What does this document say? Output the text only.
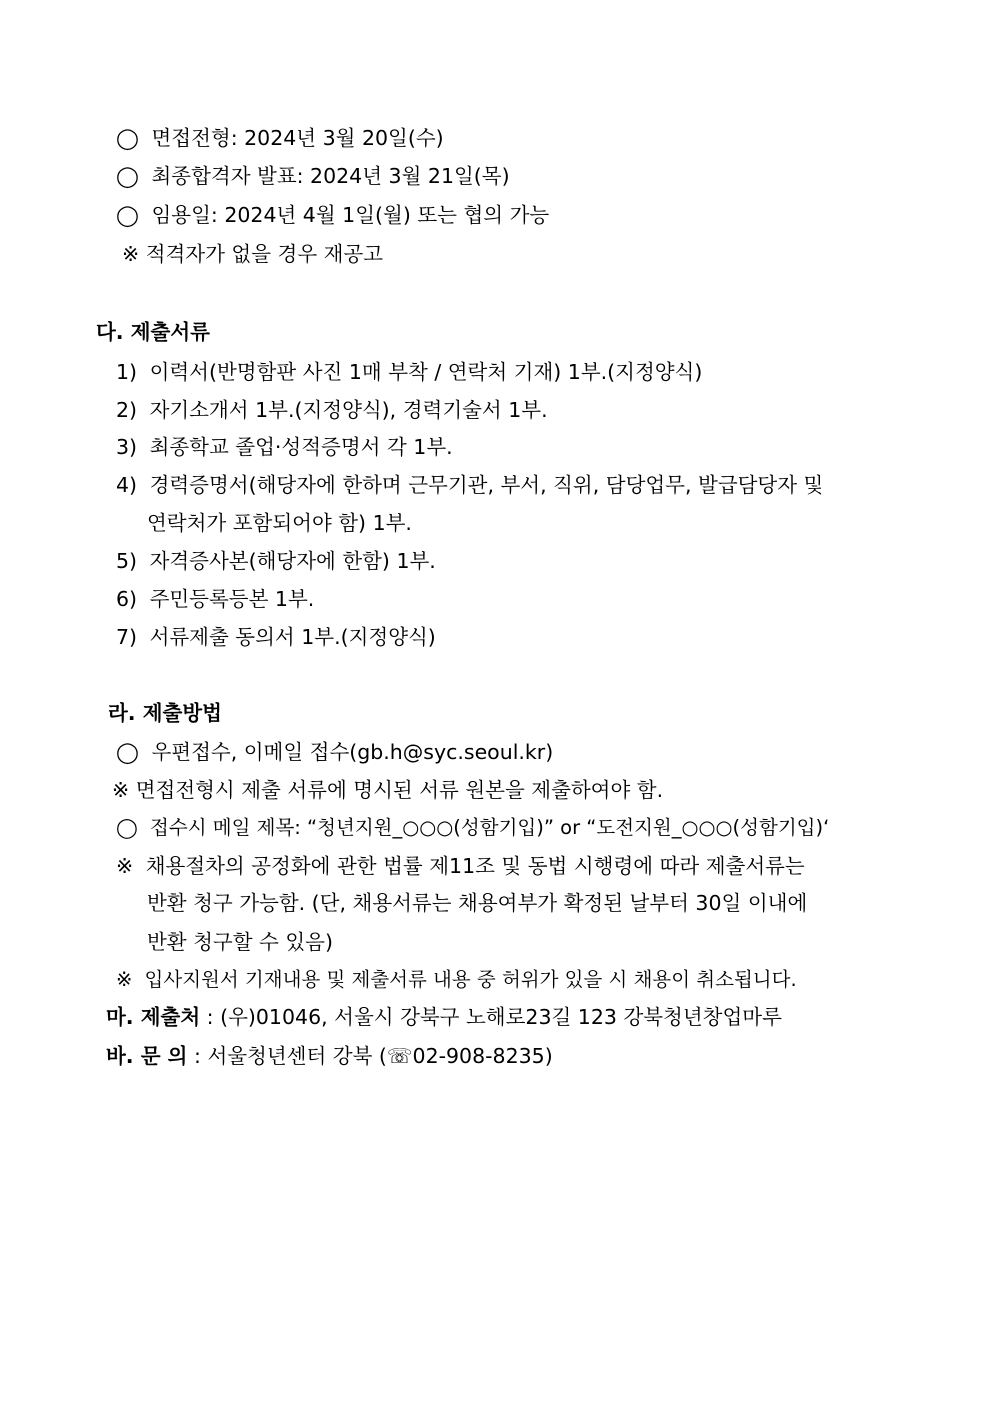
◯ 면접전형: 2024년 3월 20일(수)
◯ 최종합격자 발표: 2024년 3월 21일(목)
◯ 임용일: 2024년 4월 1일(월) 또는 협의 가능
※ 적격자가 없을 경우 재공고
다. 제출서류
1) 이력서(반명함판 사진 1매 부착 / 연락처 기재) 1부.(지정양식)
2) 자기소개서 1부.(지정양식), 경력기술서 1부.
3) 최종학교 졸업·성적증명서 각 1부.
4) 경력증명서(해당자에 한하며 근무기관, 부서, 직위, 담당업무, 발급담당자 및
연락처가 포함되어야 함) 1부.
5) 자격증사본(해당자에 한함) 1부.
6) 주민등록등본 1부.
7) 서류제출 동의서 1부.(지정양식)
라. 제출방법
◯ 우편접수, 이메일 접수(gb.h@syc.seoul.kr)
※ 면접전형시 제출 서류에 명시된 서류 원본을 제출하여야 함.
◯ 접수시 메일 제목: “청년지원_○○○(성함기입)” or “도전지원_○○○(성함기입)‘
※ 채용절차의 공정화에 관한 법률 제11조 및 동법 시행령에 따라 제출서류는
반환 청구 가능함. (단, 채용서류는 채용여부가 확정된 날부터 30일 이내에
반환 청구할 수 있음)
※ 입사지원서 기재내용 및 제출서류 내용 중 허위가 있을 시 채용이 취소됩니다.
마. 제출처 : (우)01046, 서울시 강북구 노해로23길 123 강북청년창업마루
바. 문 의 : 서울청년센터 강북 (☏02-908-8235)
